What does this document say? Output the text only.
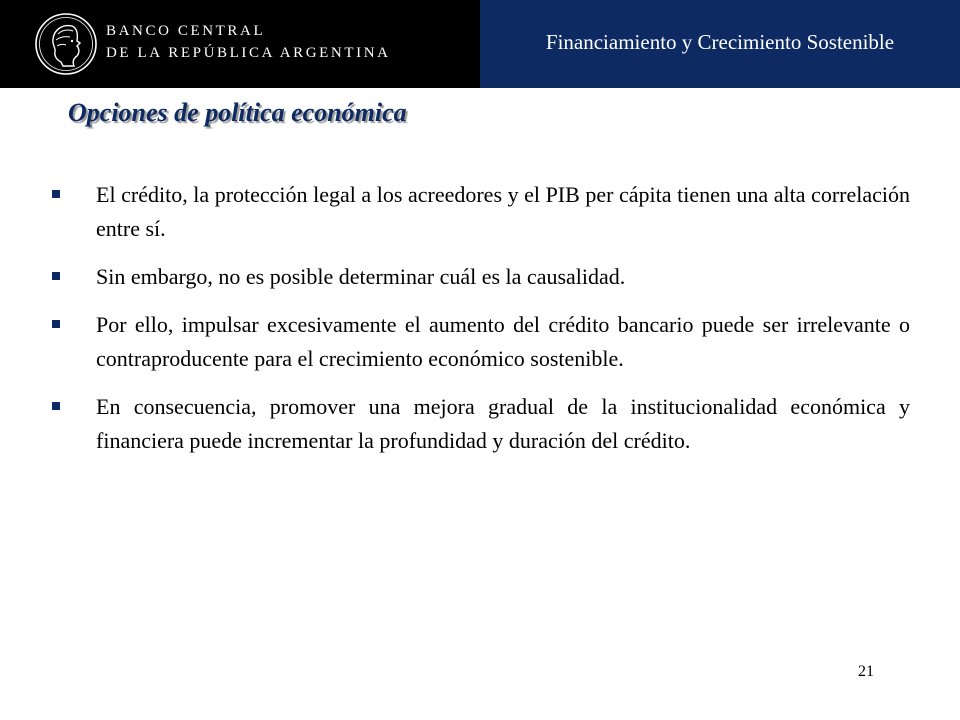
BANCO CENTRAL
DE LA REPÚBLICA ARGENTINA	Financiamiento y Crecimiento Sostenible
Opciones de política económica
El crédito, la protección legal a los acreedores y el PIB per cápita tienen una alta correlación entre sí.
Sin embargo, no es posible determinar cuál es la causalidad.
Por ello, impulsar excesivamente el aumento del crédito bancario puede ser irrelevante o contraproducente para el crecimiento económico sostenible.
En consecuencia, promover una mejora gradual de la institucionalidad económica y financiera puede incrementar la profundidad y duración del crédito.
21
